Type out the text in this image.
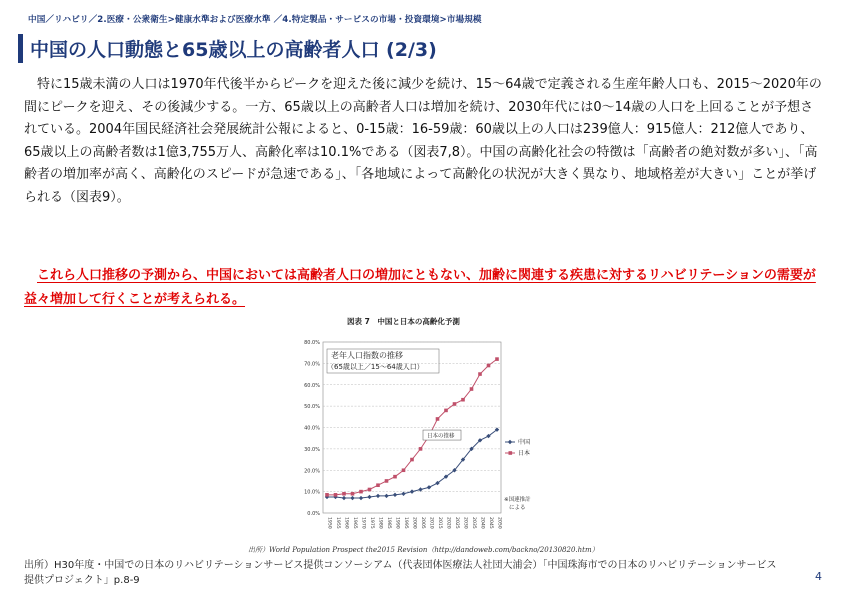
中国／リハビリ／2.医療・公衆衛生>健康水準および医療水準 ／4.特定製品・サービスの市場・投資環境>市場規模
中国の人口動態と65歳以上の高齢者人口 (2/3)
特に15歳未満の人口は1970年代後半からピークを迎えた後に減少を続け、15～64歳で定義される生産年齢人口も、2015～2020年の間にピークを迎え、その後減少する。一方、65歳以上の高齢者人口は増加を続け、2030年代には0～14歳の人口を上回ることが予想されている。2004年国民経済社会発展統計公報によると、0-15歳：16-59歳：60歳以上の人口は239億人：915億人：212億人であり、65歳以上の高齢者数は1億3,755万人、高齢化率は10.1%である（図表7,8）。中国の高齢化社会の特徴は「高齢者の絶対数が多い」、「高齢者の増加率が高く、高齢化のスピードが急速である」、「各地域によって高齢化の状況が大きく異なり、地域格差が大きい」ことが挙げられる（図表9）。
これら人口推移の予測から、中国においては高齢者人口の増加にともない、加齢に関連する疾患に対するリハビリテーションの需要が益々増加して行くことが考えられる。
図表 7　中国と日本の高齢化予測
0.0%
10.0%
20.0%
30.0%
40.0%
50.0%
60.0%
70.0%
80.0%
1950 1955 1960 1965 1970 1975 1980 1985 1990 1995 2000 2005 2010 2015 2020 2025 2030 2035 2040 2045 2050
老年人口指数の推移
（65歳以上／15～64歳人口）
日本の推移
中国
日本
※国連推計
による
出所）World Population Prospect the2015 Revision（http://dandoweb.com/backno/20130820.htm）
出所）H30年度・中国での日本のリハビリテーションサービス提供コンソーシアム（代表団体医療法人社団大浦会）「中国珠海市での日本のリハビリテーションサービス提供プロジェクト」p.8-9	4
